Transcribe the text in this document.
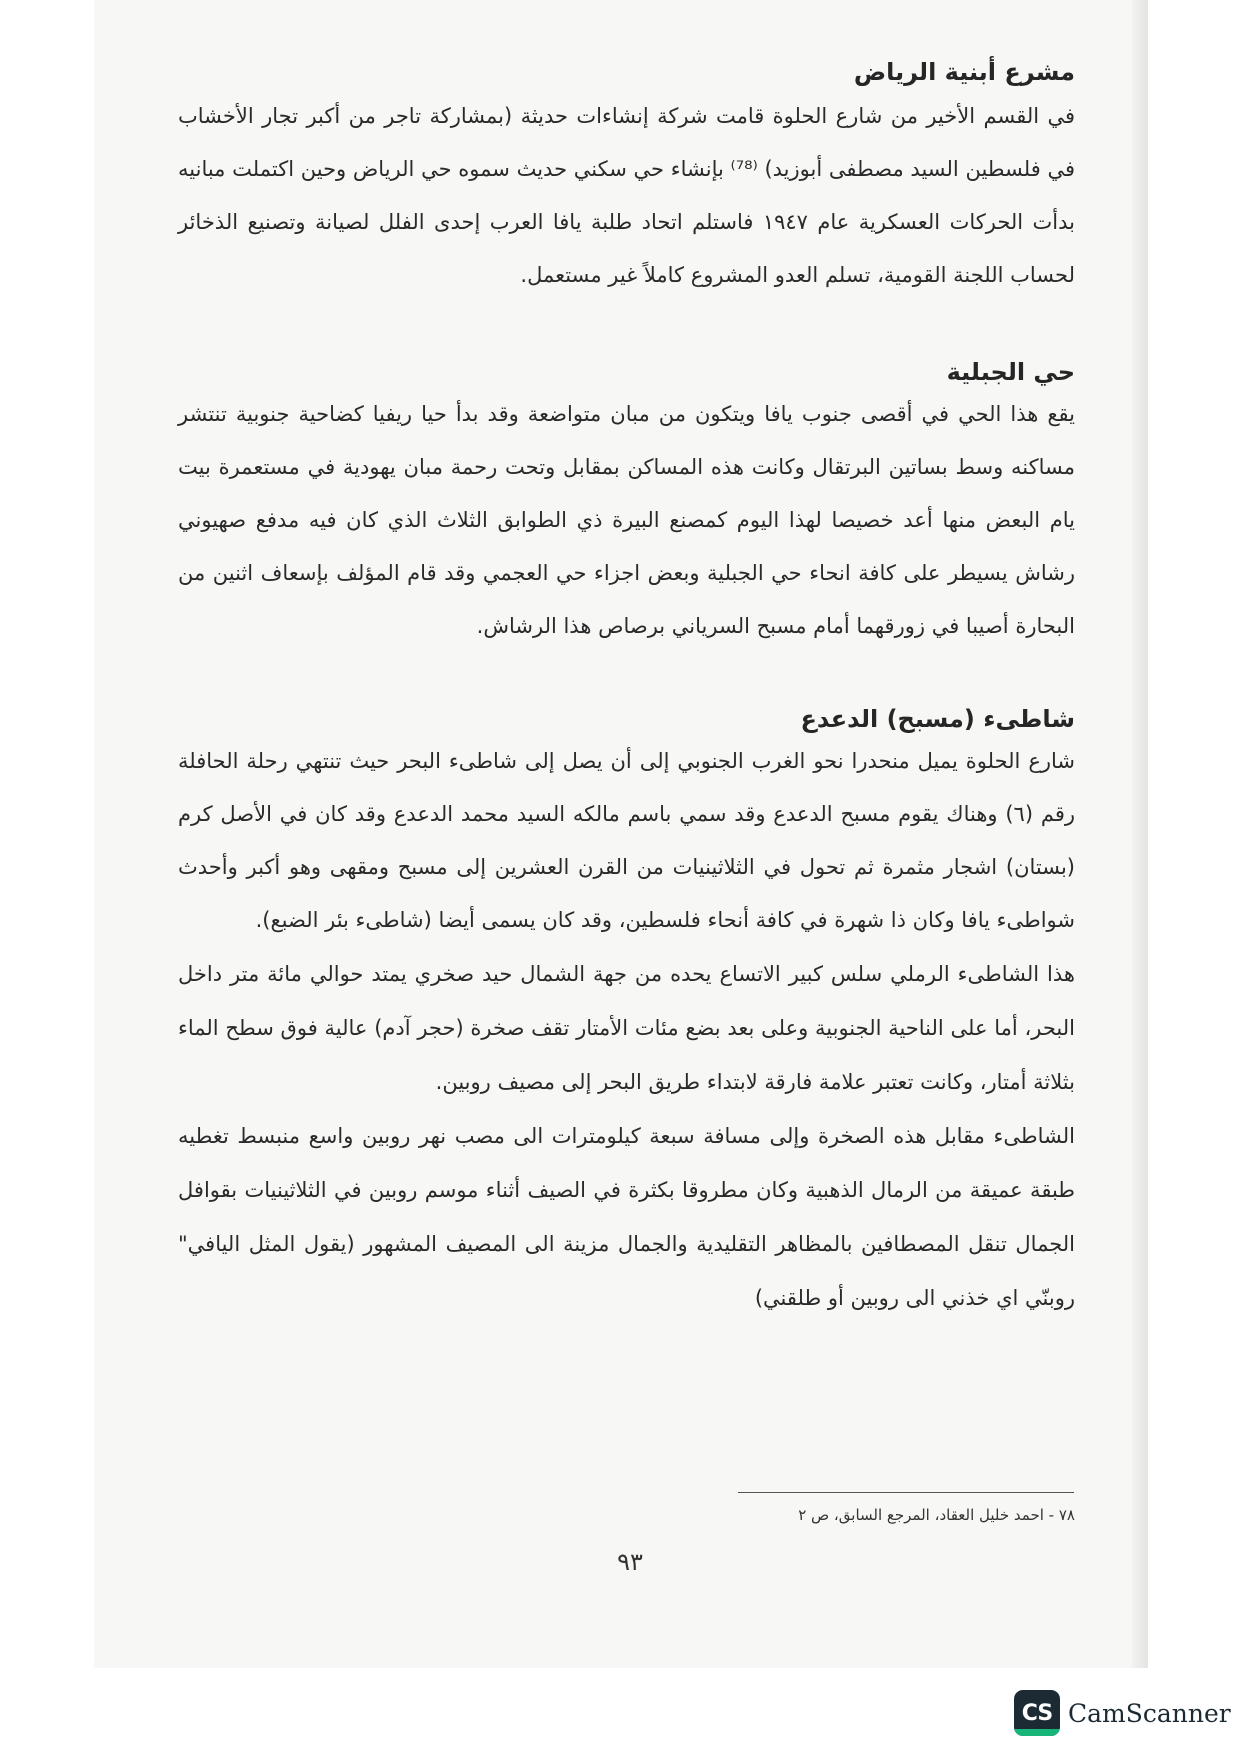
مشرع أبنية الرياض

في القسم الأخير من شارع الحلوة قامت شركة إنشاءات حديثة (بمشاركة تاجر من أكبر تجار الأخشاب في فلسطين السيد مصطفى أبوزيد) ⁽⁷⁸⁾ بإنشاء حي سكني حديث سموه حي الرياض وحين اكتملت مبانيه بدأت الحركات العسكرية عام ١٩٤٧ فاستلم اتحاد طلبة يافا العرب إحدى الفلل لصيانة وتصنيع الذخائر لحساب اللجنة القومية، تسلم العدو المشروع كاملاً غير مستعمل.

حي الجبلية

يقع هذا الحي في أقصى جنوب يافا ويتكون من مبان متواضعة وقد بدأ حيا ريفيا كضاحية جنوبية تنتشر مساكنه وسط بساتين البرتقال وكانت هذه المساكن بمقابل وتحت رحمة مبان يهودية في مستعمرة بيت يام البعض منها أعد خصيصا لهذا اليوم كمصنع البيرة ذي الطوابق الثلاث الذي كان فيه مدفع صهيوني رشاش يسيطر على كافة انحاء حي الجبلية وبعض اجزاء حي العجمي وقد قام المؤلف بإسعاف اثنين من البحارة أصيبا في زورقهما أمام مسبح السرياني برصاص هذا الرشاش.

شاطىء (مسبح) الدعدع

شارع الحلوة يميل منحدرا نحو الغرب الجنوبي إلى أن يصل إلى شاطىء البحر حيث تنتهي رحلة الحافلة رقم (٦) وهناك يقوم مسبح الدعدع وقد سمي باسم مالكه السيد محمد الدعدع وقد كان في الأصل كرم (بستان) اشجار مثمرة ثم تحول في الثلاثينيات من القرن العشرين إلى مسبح ومقهى وهو أكبر وأحدث شواطىء يافا وكان ذا شهرة في كافة أنحاء فلسطين، وقد كان يسمى أيضا (شاطىء بئر الضبع).

هذا الشاطىء الرملي سلس كبير الاتساع يحده من جهة الشمال حيد صخري يمتد حوالي مائة متر داخل البحر، أما على الناحية الجنوبية وعلى بعد بضع مئات الأمتار تقف صخرة (حجر آدم) عالية فوق سطح الماء بثلاثة أمتار، وكانت تعتبر علامة فارقة لابتداء طريق البحر إلى مصيف روبين.

الشاطىء مقابل هذه الصخرة وإلى مسافة سبعة كيلومترات الى مصب نهر روبين واسع منبسط تغطيه طبقة عميقة من الرمال الذهبية وكان مطروقا بكثرة في الصيف أثناء موسم روبين في الثلاثينيات بقوافل الجمال تنقل المصطافين بالمظاهر التقليدية والجمال مزينة الى المصيف المشهور (يقول المثل اليافي" روبنّي اي خذني الى روبين أو طلقني)

٧٨ - احمد خليل العقاد، المرجع السابق، ص ٢
٩٣
CS CamScanner
